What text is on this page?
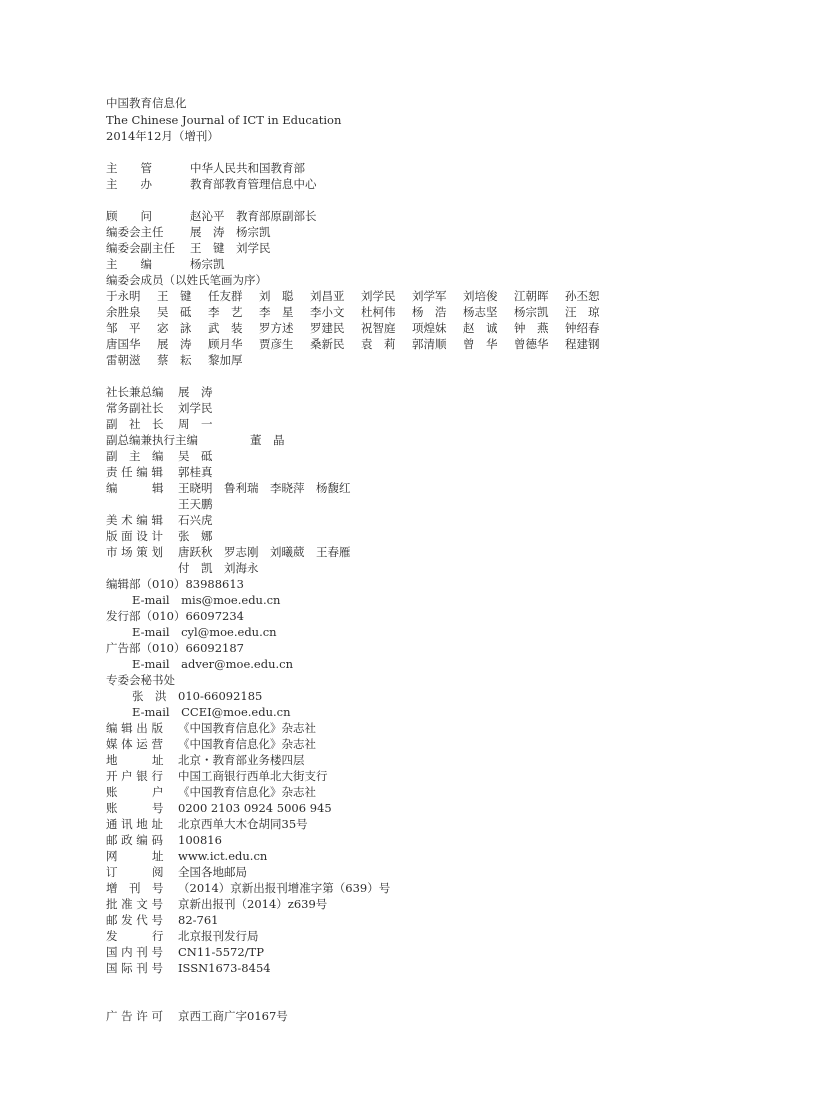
中国教育信息化
The Chinese Journal of ICT in Education
2014年12月（增刊）
主　　管	中华人民共和国教育部
主　　办	教育部教育管理信息中心
顾　　问	赵沁平　教育部原副部长
编委会主任 展　涛　杨宗凯
编委会副主任 王　键　刘学民
主　　编	杨宗凯
编委会成员（以姓氏笔画为序）
于永明 王　键 任友群 刘　聪 刘昌亚 刘学民 刘学军 刘培俊 江朝晖 孙丕恕
余胜泉 吴　砥 李　艺 李　星 李小文 杜柯伟 杨　浩 杨志坚 杨宗凯 汪　琼
邹　平 宓　詠 武　装 罗方述 罗建民 祝智庭 项煌妹 赵　诚 钟　燕 钟绍春
唐国华 展　涛 顾月华 贾彦生 桑新民 袁　莉 郭清顺 曾　华 曾德华 程建钢
雷朝滋 蔡　耘 黎加厚
社长兼总编 展　涛
常务副社长 刘学民
副　社　长 周　一
副总编兼执行主编	董　晶
副　主　编 吴　砥
责 任 编 辑 郭桂真
编　　　辑 王晓明　鲁利瑞　李晓萍　杨馥红
王天鹏
美 术 编 辑 石兴虎
版 面 设 计 张　娜
市 场 策 划 唐跃秋　罗志刚　刘曦葳　王春雁
付　凯　刘海永
编辑部（010）83988613
E-mail　mis@moe.edu.cn
发行部（010）66097234
E-mail　cyl@moe.edu.cn
广告部（010）66092187
E-mail　adver@moe.edu.cn
专委会秘书处
张　洪　010-66092185
E-mail　CCEI@moe.edu.cn
编 辑 出 版 《中国教育信息化》杂志社
媒 体 运 营 《中国教育信息化》杂志社
地　　　址 北京・教育部业务楼四层
开 户 银 行 中国工商银行西单北大街支行
账　　　户 《中国教育信息化》杂志社
账　　　号 0200 2103 0924 5006 945
通 讯 地 址 北京西单大木仓胡同35号
邮 政 编 码 100816
网　　　址 www.ict.edu.cn
订　　　阅 全国各地邮局
增　刊　号 （2014）京新出报刊增准字第（639）号
批 准 文 号 京新出报刊（2014）z639号
邮 发 代 号 82-761
发　　　行 北京报刊发行局
国 内 刊 号 CN11-5572/TP
国 际 刊 号 ISSN1673-8454
广 告 许 可 京西工商广字0167号
